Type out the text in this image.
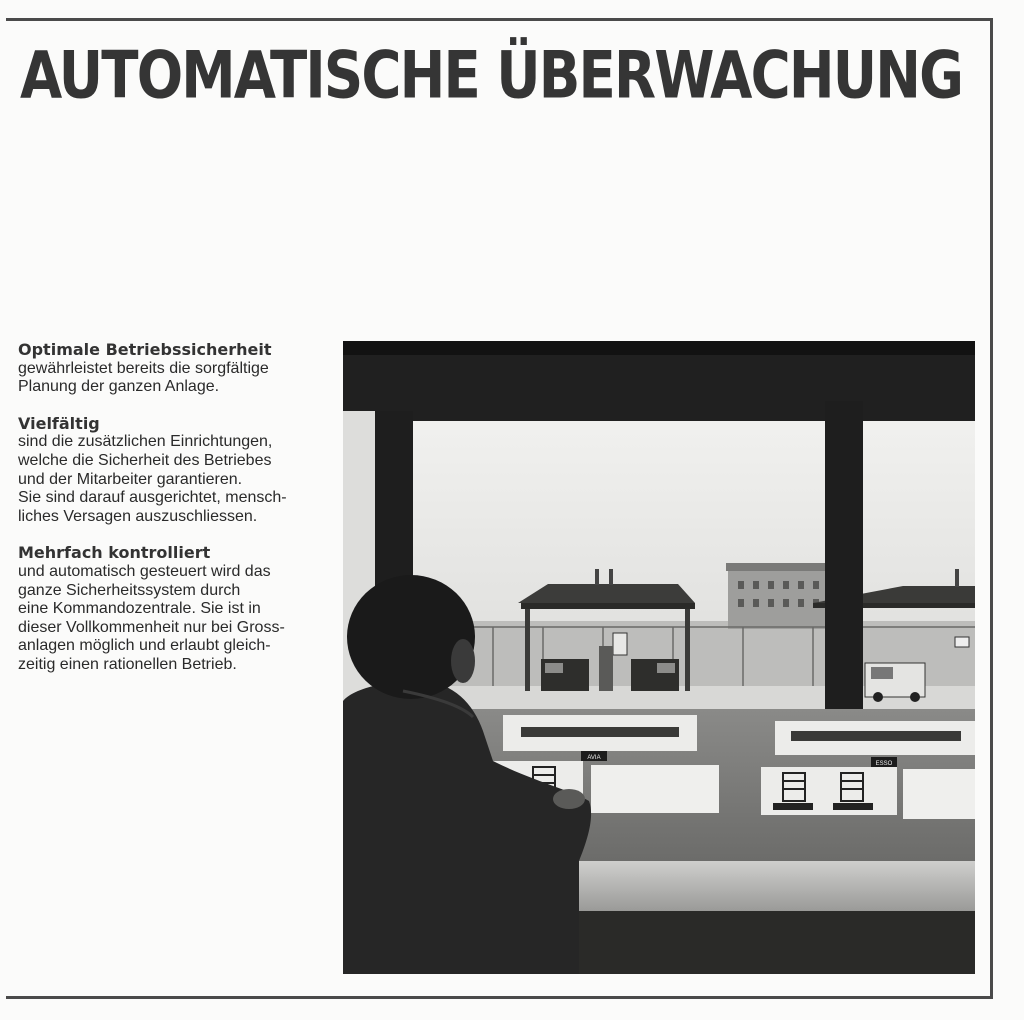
AUTOMATISCHE ÜBERWACHUNG
Optimale Betriebssicherheit
gewährleistet bereits die sorgfältige
Planung der ganzen Anlage.
Vielfältig
sind die zusätzlichen Einrichtungen,
welche die Sicherheit des Betriebes
und der Mitarbeiter garantieren.
Sie sind darauf ausgerichtet, mensch-
liches Versagen auszuschliessen.
Mehrfach kontrolliert
und automatisch gesteuert wird das
ganze Sicherheitssystem durch
eine Kommandozentrale. Sie ist in
dieser Vollkommenheit nur bei Gross-
anlagen möglich und erlaubt gleich-
zeitig einen rationellen Betrieb.
AVIA
ESSO
